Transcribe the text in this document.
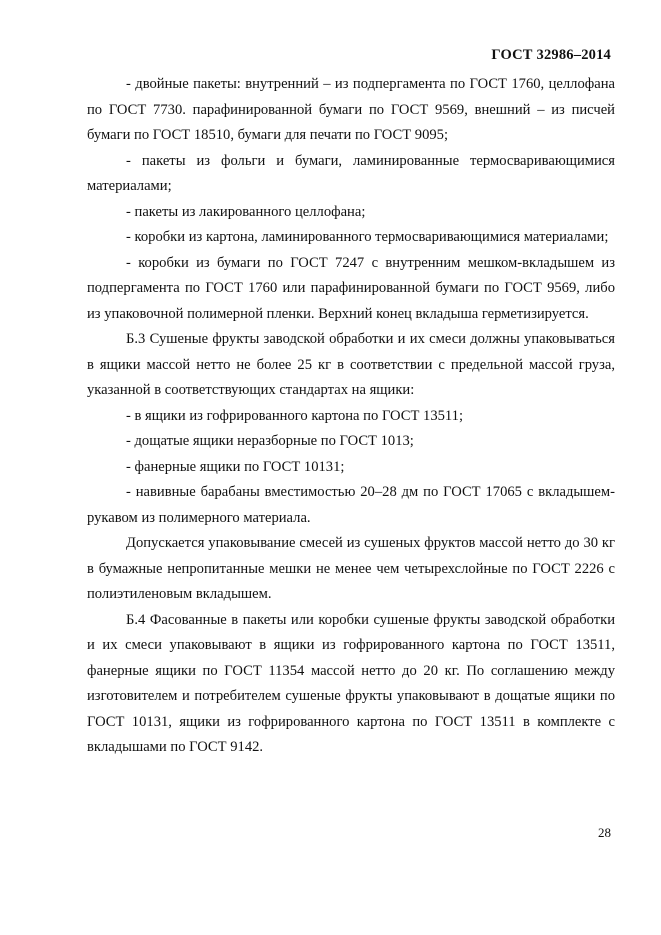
ГОСТ 32986–2014

- двойные пакеты: внутренний – из подпергамента по ГОСТ 1760, целлофана по ГОСТ 7730. парафинированной бумаги по ГОСТ 9569, внешний – из писчей бумаги по ГОСТ 18510, бумаги для печати по ГОСТ 9095;

- пакеты из фольги и бумаги, ламинированные термосваривающимися материалами;

- пакеты из лакированного целлофана;

- коробки из картона, ламинированного термосваривающимися материалами;

- коробки из бумаги по ГОСТ 7247 с внутренним мешком-вкладышем из подпергамента по ГОСТ 1760 или парафинированной бумаги по ГОСТ 9569, либо из упаковочной полимерной пленки. Верхний конец вкладыша герметизируется.

Б.3 Сушеные фрукты заводской обработки и их смеси должны упаковываться в ящики массой нетто не более 25 кг в соответствии с предельной массой груза, указанной в соответствующих стандартах на ящики:

- в ящики из гофрированного картона по ГОСТ 13511;

- дощатые ящики неразборные по ГОСТ 1013;

- фанерные ящики по ГОСТ 10131;

- навивные барабаны вместимостью 20–28 дм по ГОСТ 17065 с вкладышем-рукавом из полимерного материала.

Допускается упаковывание смесей из сушеных фруктов массой нетто до 30 кг в бумажные непропитанные мешки не менее чем четырехслойные по ГОСТ 2226 с полиэтиленовым вкладышем.

Б.4 Фасованные в пакеты или коробки сушеные фрукты заводской обработки и их смеси упаковывают в ящики из гофрированного картона по ГОСТ 13511, фанерные ящики по ГОСТ 11354 массой нетто до 20 кг. По соглашению между изготовителем и потребителем сушеные фрукты упаковывают в дощатые ящики по ГОСТ 10131, ящики из гофрированного картона по ГОСТ 13511 в комплекте с вкладышами по ГОСТ 9142.

28
